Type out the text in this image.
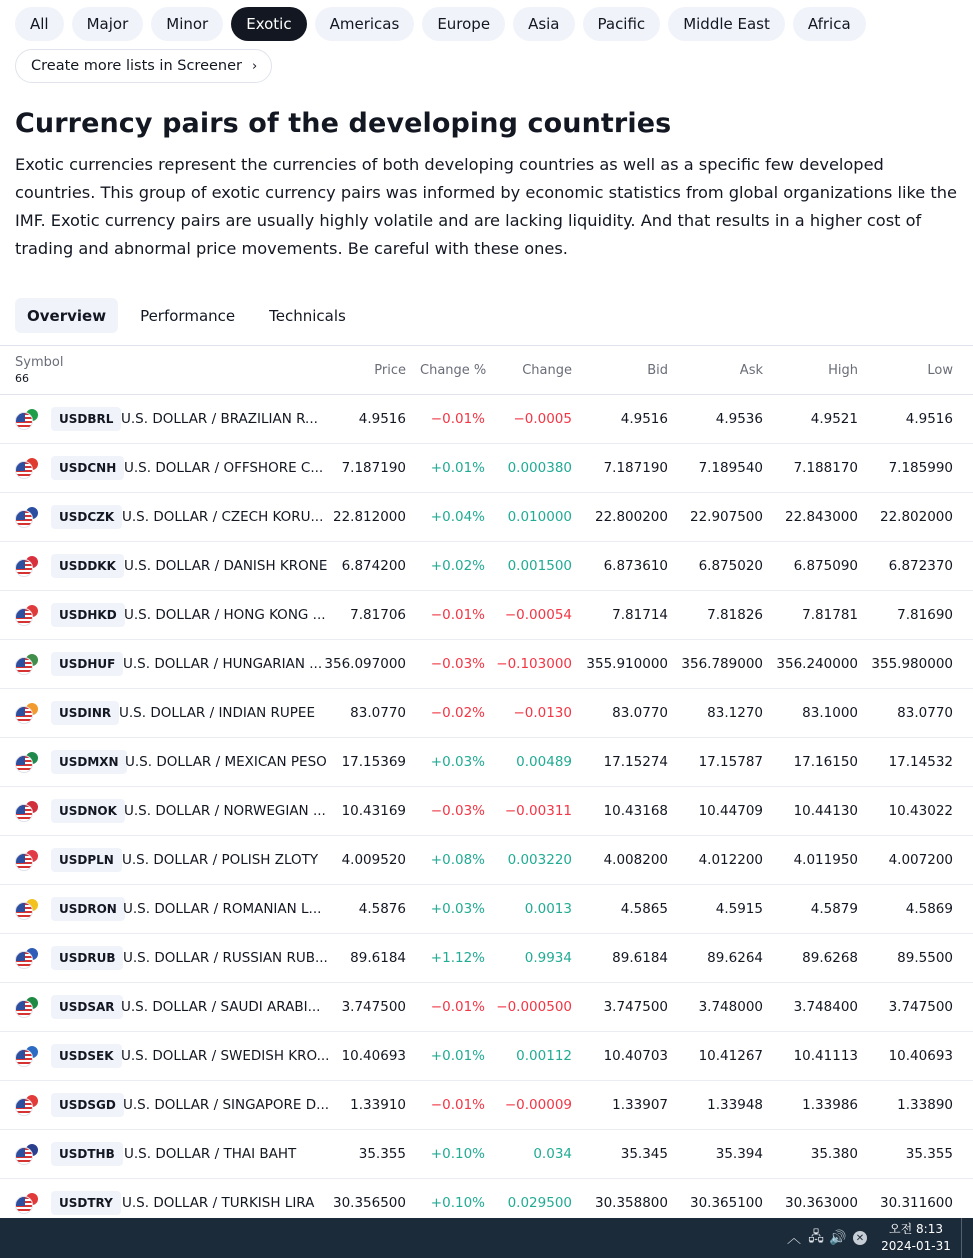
All	Major	Minor	Exotic	Americas	Europe	Asia	Pacific	Middle East	Africa
Create more lists in Screener ›
Currency pairs of the developing countries

Exotic currencies represent the currencies of both developing countries as well as a specific few developed countries. This group of exotic currency pairs was informed by economic statistics from global organizations like the IMF. Exotic currency pairs are usually highly volatile and are lacking liquidity. And that results in a higher cost of trading and abnormal price movements. Be careful with these ones.

Overview	Performance	Technicals
Symbol
66
Price Change %	Change	Bid	Ask	High	Low
USDBRL U.S. DOLLAR / BRAZILIAN R...	4.9516	−0.01%	−0.0005	4.9516	4.9536	4.9521	4.9516
USDCNH U.S. DOLLAR / OFFSHORE C...	7.187190	+0.01%	0.000380	7.187190	7.189540	7.188170	7.185990
USDCZK U.S. DOLLAR / CZECH KORU... 22.812000	+0.04%	0.010000	22.800200	22.907500	22.843000	22.802000
USDDKK U.S. DOLLAR / DANISH KRONE	6.874200	+0.02%	0.001500	6.873610	6.875020	6.875090	6.872370
USDHKD U.S. DOLLAR / HONG KONG ...	7.81706	−0.01%	−0.00054	7.81714	7.81826	7.81781	7.81690
USDHUF U.S. DOLLAR / HUNGARIAN ... 356.097000	−0.03% −0.103000	355.910000 356.789000 356.240000 355.980000
USDINR U.S. DOLLAR / INDIAN RUPEE	83.0770	−0.02%	−0.0130	83.0770	83.1270	83.1000	83.0770
USDMXN U.S. DOLLAR / MEXICAN PESO	17.15369	+0.03%	0.00489	17.15274	17.15787	17.16150	17.14532
USDNOK U.S. DOLLAR / NORWEGIAN ...	10.43169	−0.03%	−0.00311	10.43168	10.44709	10.44130	10.43022
USDPLN U.S. DOLLAR / POLISH ZLOTY	4.009520	+0.08%	0.003220	4.008200	4.012200	4.011950	4.007200
USDRON U.S. DOLLAR / ROMANIAN L...	4.5876	+0.03%	0.0013	4.5865	4.5915	4.5879	4.5869
USDRUB U.S. DOLLAR / RUSSIAN RUB...	89.6184	+1.12%	0.9934	89.6184	89.6264	89.6268	89.5500
USDSAR U.S. DOLLAR / SAUDI ARABI...	3.747500	−0.01% −0.000500	3.747500	3.748000	3.748400	3.747500
USDSEK U.S. DOLLAR / SWEDISH KRO... 10.40693	+0.01%	0.00112	10.40703	10.41267	10.41113	10.40693
USDSGD U.S. DOLLAR / SINGAPORE D...	1.33910	−0.01%	−0.00009	1.33907	1.33948	1.33986	1.33890
USDTHB U.S. DOLLAR / THAI BAHT	35.355	+0.10%	0.034	35.345	35.394	35.380	35.355
USDTRY U.S. DOLLAR / TURKISH LIRA	30.356500	+0.10%	0.029500	30.358800	30.365100	30.363000	30.311600
︿ 🖧 🔊 ✕
오전 8:13
2024-01-31
